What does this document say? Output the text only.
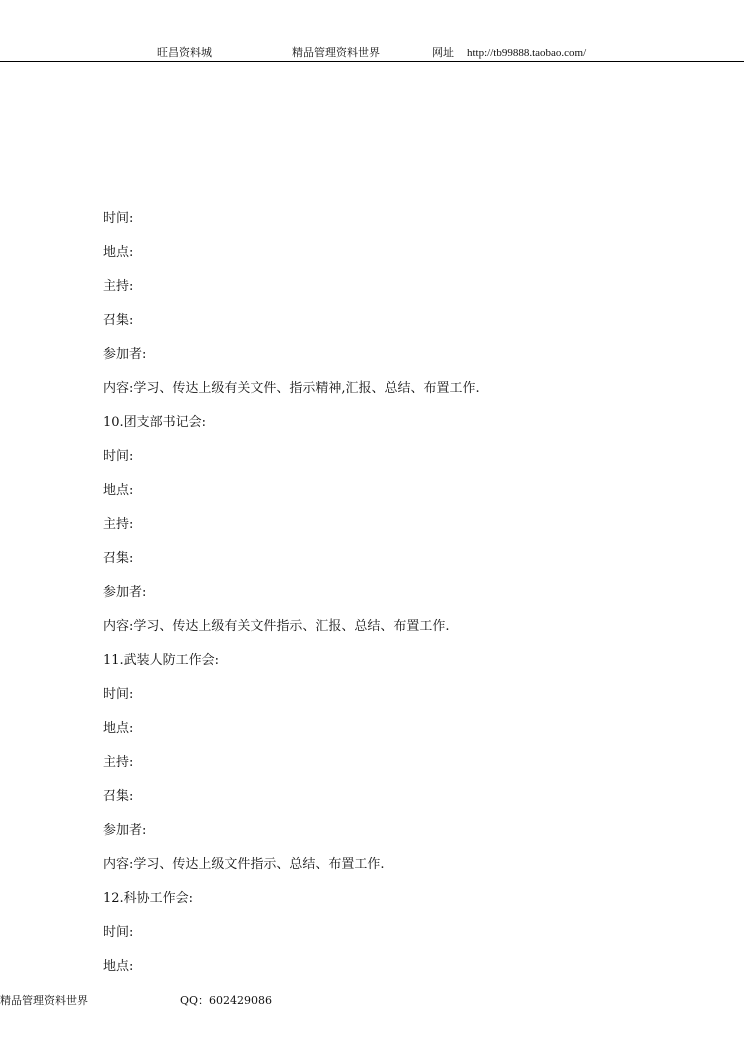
旺昌资料城	精品管理资料世界	网址 http://tb99888.taobao.com/
时间:
地点:
主持:
召集:
参加者:
内容:学习、传达上级有关文件、指示精神,汇报、总结、布置工作.
10.团支部书记会:
时间:
地点:
主持:
召集:
参加者:
内容:学习、传达上级有关文件指示、汇报、总结、布置工作.
11.武装人防工作会:
时间:
地点:
主持:
召集:
参加者:
内容:学习、传达上级文件指示、总结、布置工作.
12.科协工作会:
时间:
地点:
精品管理资料世界	QQ：602429086
